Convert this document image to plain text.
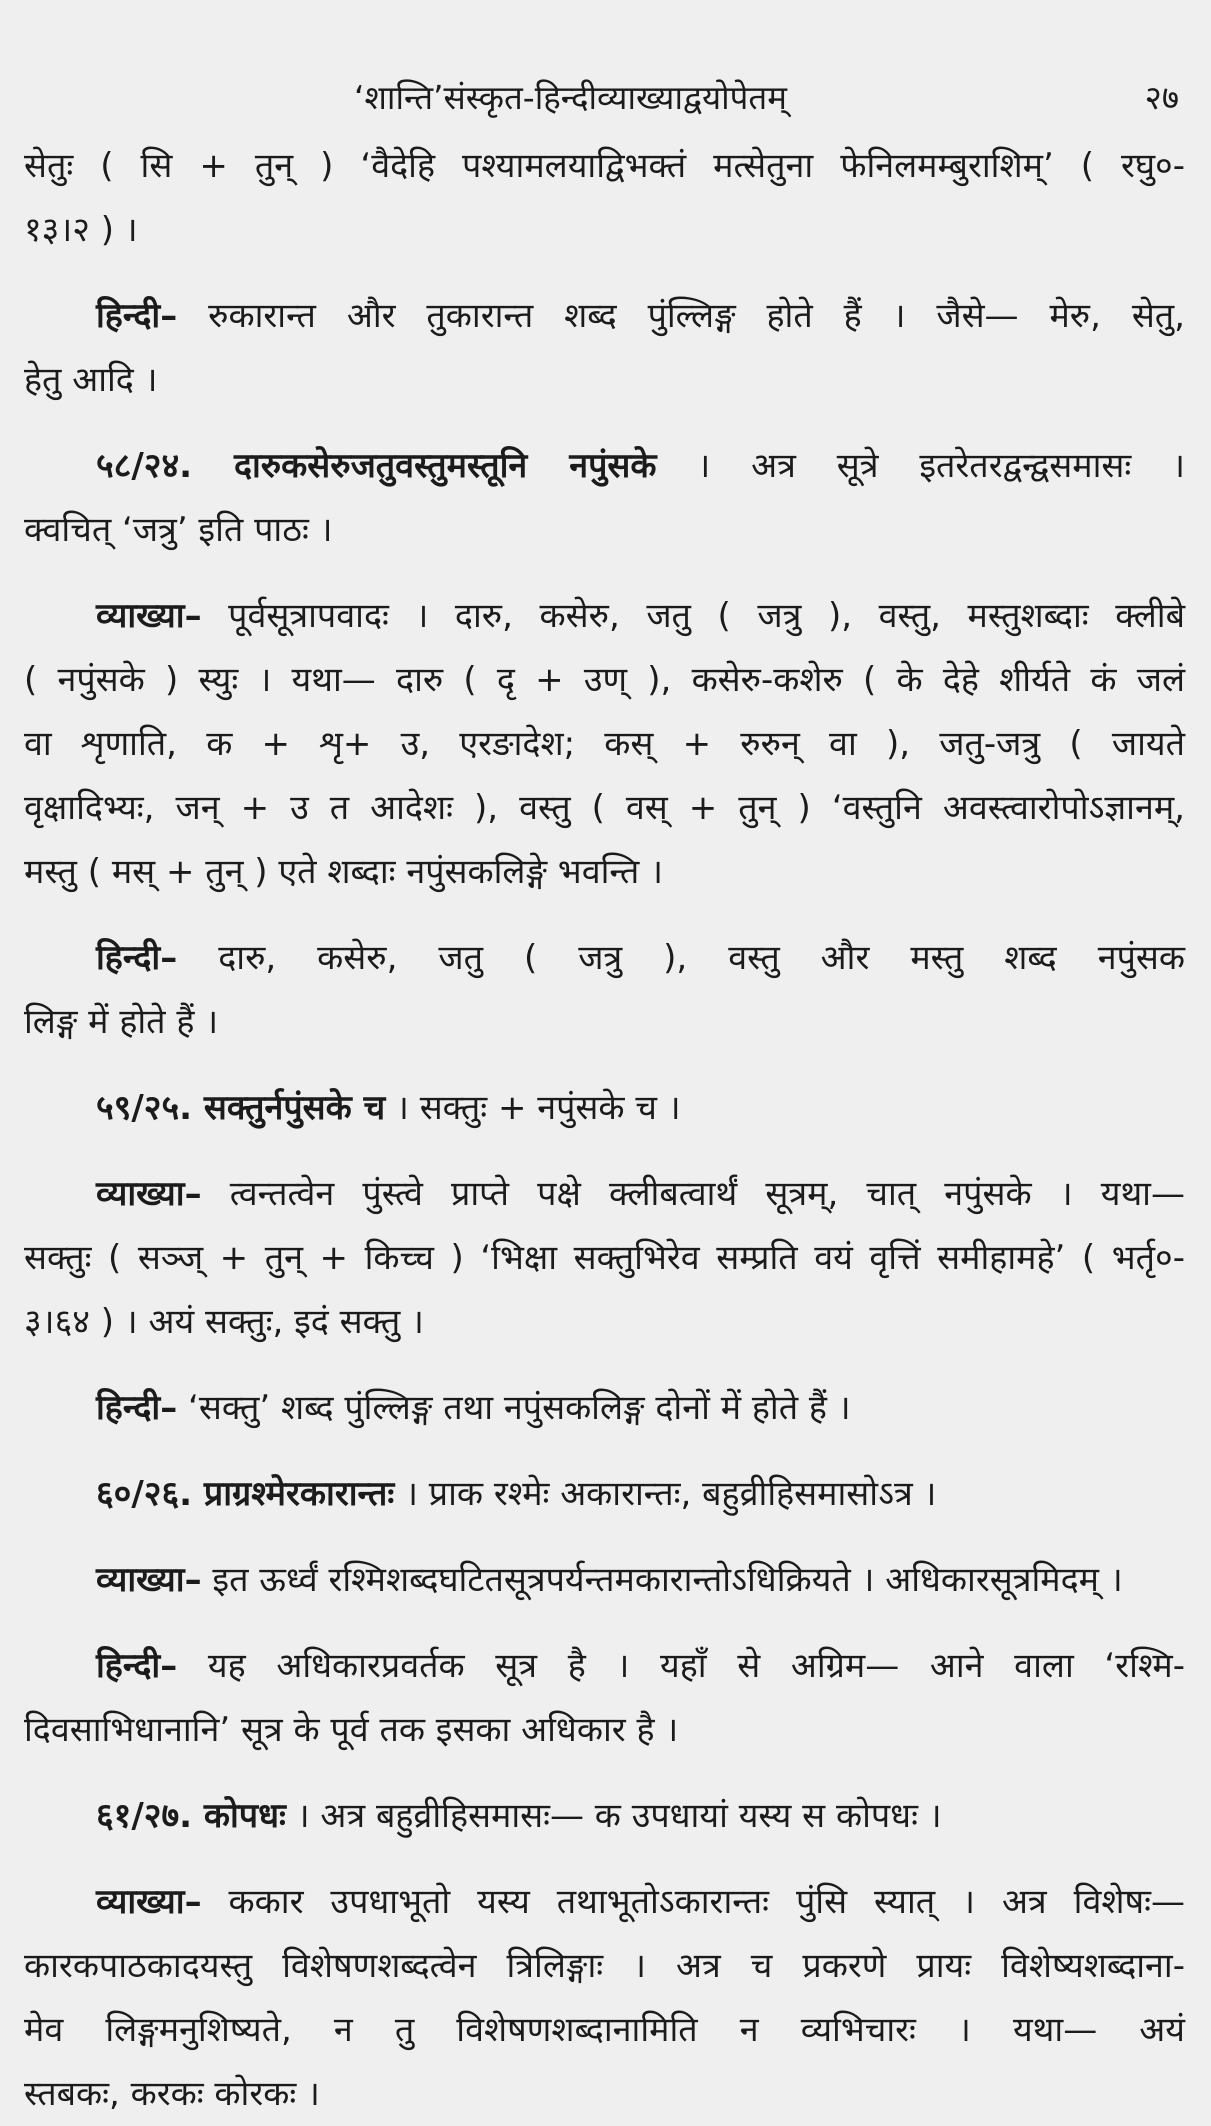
‘शान्ति’संस्कृत-हिन्दीव्याख्याद्वयोपेतम्	२७
सेतुः ( सि + तुन् ) ‘वैदेहि पश्यामलयाद्विभक्तं मत्सेतुना फेनिलमम्बुराशिम्’ ( रघु०-
१३।२ ) ।
हिन्दी– रुकारान्त और तुकारान्त शब्द पुंल्लिङ्ग होते हैं । जैसे— मेरु, सेतु,
हेतु आदि ।
५८/२४. दारुकसेरुजतुवस्तुमस्तूनि नपुंसके । अत्र सूत्रे इतरेतरद्वन्द्वसमासः ।
क्वचित् ‘जत्रु’ इति पाठः ।
व्याख्या– पूर्वसूत्रापवादः । दारु, कसेरु, जतु ( जत्रु ), वस्तु, मस्तुशब्दाः क्लीबे
( नपुंसके ) स्युः । यथा— दारु ( दृ + उण् ), कसेरु-कशेरु ( के देहे शीर्यते कं जलं
वा शृणाति, क + शृ+ उ, एरङादेश; कस् + रुरुन् वा ), जतु-जत्रु ( जायते
वृक्षादिभ्यः, जन् + उ त आदेशः ), वस्तु ( वस् + तुन् ) ‘वस्तुनि अवस्त्वारोपोऽज्ञानम्,
मस्तु ( मस् + तुन् ) एते शब्दाः नपुंसकलिङ्गे भवन्ति ।
हिन्दी– दारु, कसेरु, जतु ( जत्रु ), वस्तु और मस्तु शब्द नपुंसक
लिङ्ग में होते हैं ।
५९/२५. सक्तुर्नपुंसके च । सक्तुः + नपुंसके च ।
व्याख्या– त्वन्तत्वेन पुंस्त्वे प्राप्ते पक्षे क्लीबत्वार्थं सूत्रम्, चात् नपुंसके । यथा—
सक्तुः ( सञ्ज् + तुन् + किच्च ) ‘भिक्षा सक्तुभिरेव सम्प्रति वयं वृत्तिं समीहामहे’ ( भर्तृ०-
३।६४ ) । अयं सक्तुः, इदं सक्तु ।
हिन्दी– ‘सक्तु’ शब्द पुंल्लिङ्ग तथा नपुंसकलिङ्ग दोनों में होते हैं ।
६०/२६. प्राग्रश्मेरकारान्तः । प्राक रश्मेः अकारान्तः, बहुव्रीहिसमासोऽत्र ।
व्याख्या– इत ऊर्ध्वं रश्मिशब्दघटितसूत्रपर्यन्तमकारान्तोऽधिक्रियते । अधिकारसूत्रमिदम् ।
हिन्दी– यह अधिकारप्रवर्तक सूत्र है । यहाँ से अग्रिम— आने वाला ‘रश्मि-
दिवसाभिधानानि’ सूत्र के पूर्व तक इसका अधिकार है ।
६१/२७. कोपधः । अत्र बहुव्रीहिसमासः— क उपधायां यस्य स कोपधः ।
व्याख्या– ककार उपधाभूतो यस्य तथाभूतोऽकारान्तः पुंसि स्यात् । अत्र विशेषः—
कारकपाठकादयस्तु विशेषणशब्दत्वेन त्रिलिङ्गाः । अत्र च प्रकरणे प्रायः विशेष्यशब्दाना-
मेव लिङ्गमनुशिष्यते, न तु विशेषणशब्दानामिति न व्यभिचारः । यथा— अयं
स्तबकः, करकः कोरकः ।
